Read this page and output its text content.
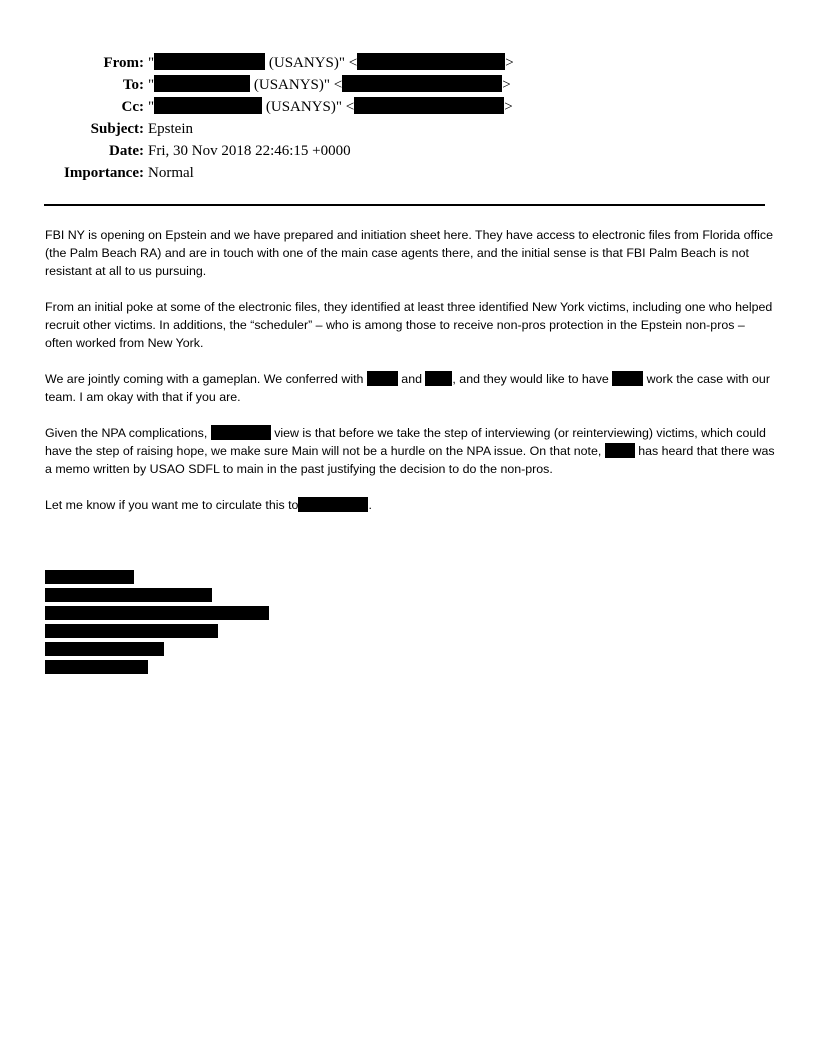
From: "	(USANYS)" <	>
To: "	(USANYS)" <	>
Cc: "	(USANYS)" <	>
Subject: Epstein
Date: Fri, 30 Nov 2018 22:46:15 +0000
Importance: Normal

FBI NY is opening on Epstein and we have prepared and initiation sheet here. They have access to electronic files from Florida office (the Palm Beach RA) and are in touch with one of the main case agents there, and the initial sense is that FBI Palm Beach is not resistant at all to us pursuing.

From an initial poke at some of the electronic files, they identified at least three identified New York victims, including one who helped recruit other victims. In additions, the “scheduler” – who is among those to receive non-pros protection in the Epstein non-pros – often worked from New York.

We are jointly coming with a gameplan. We conferred with	and , and they would like to have	work the case with our team. I am okay with that if you are.

Given the NPA complications,	view is that before we take the step of interviewing (or reinterviewing) victims, which could have the step of raising hope, we make sure Main will not be a hurdle on the NPA issue. On that note,  has heard that there was a memo written by USAO SDFL to main in the past justifying the decision to do the non-pros.

Let me know if you want me to circulate this to	.
